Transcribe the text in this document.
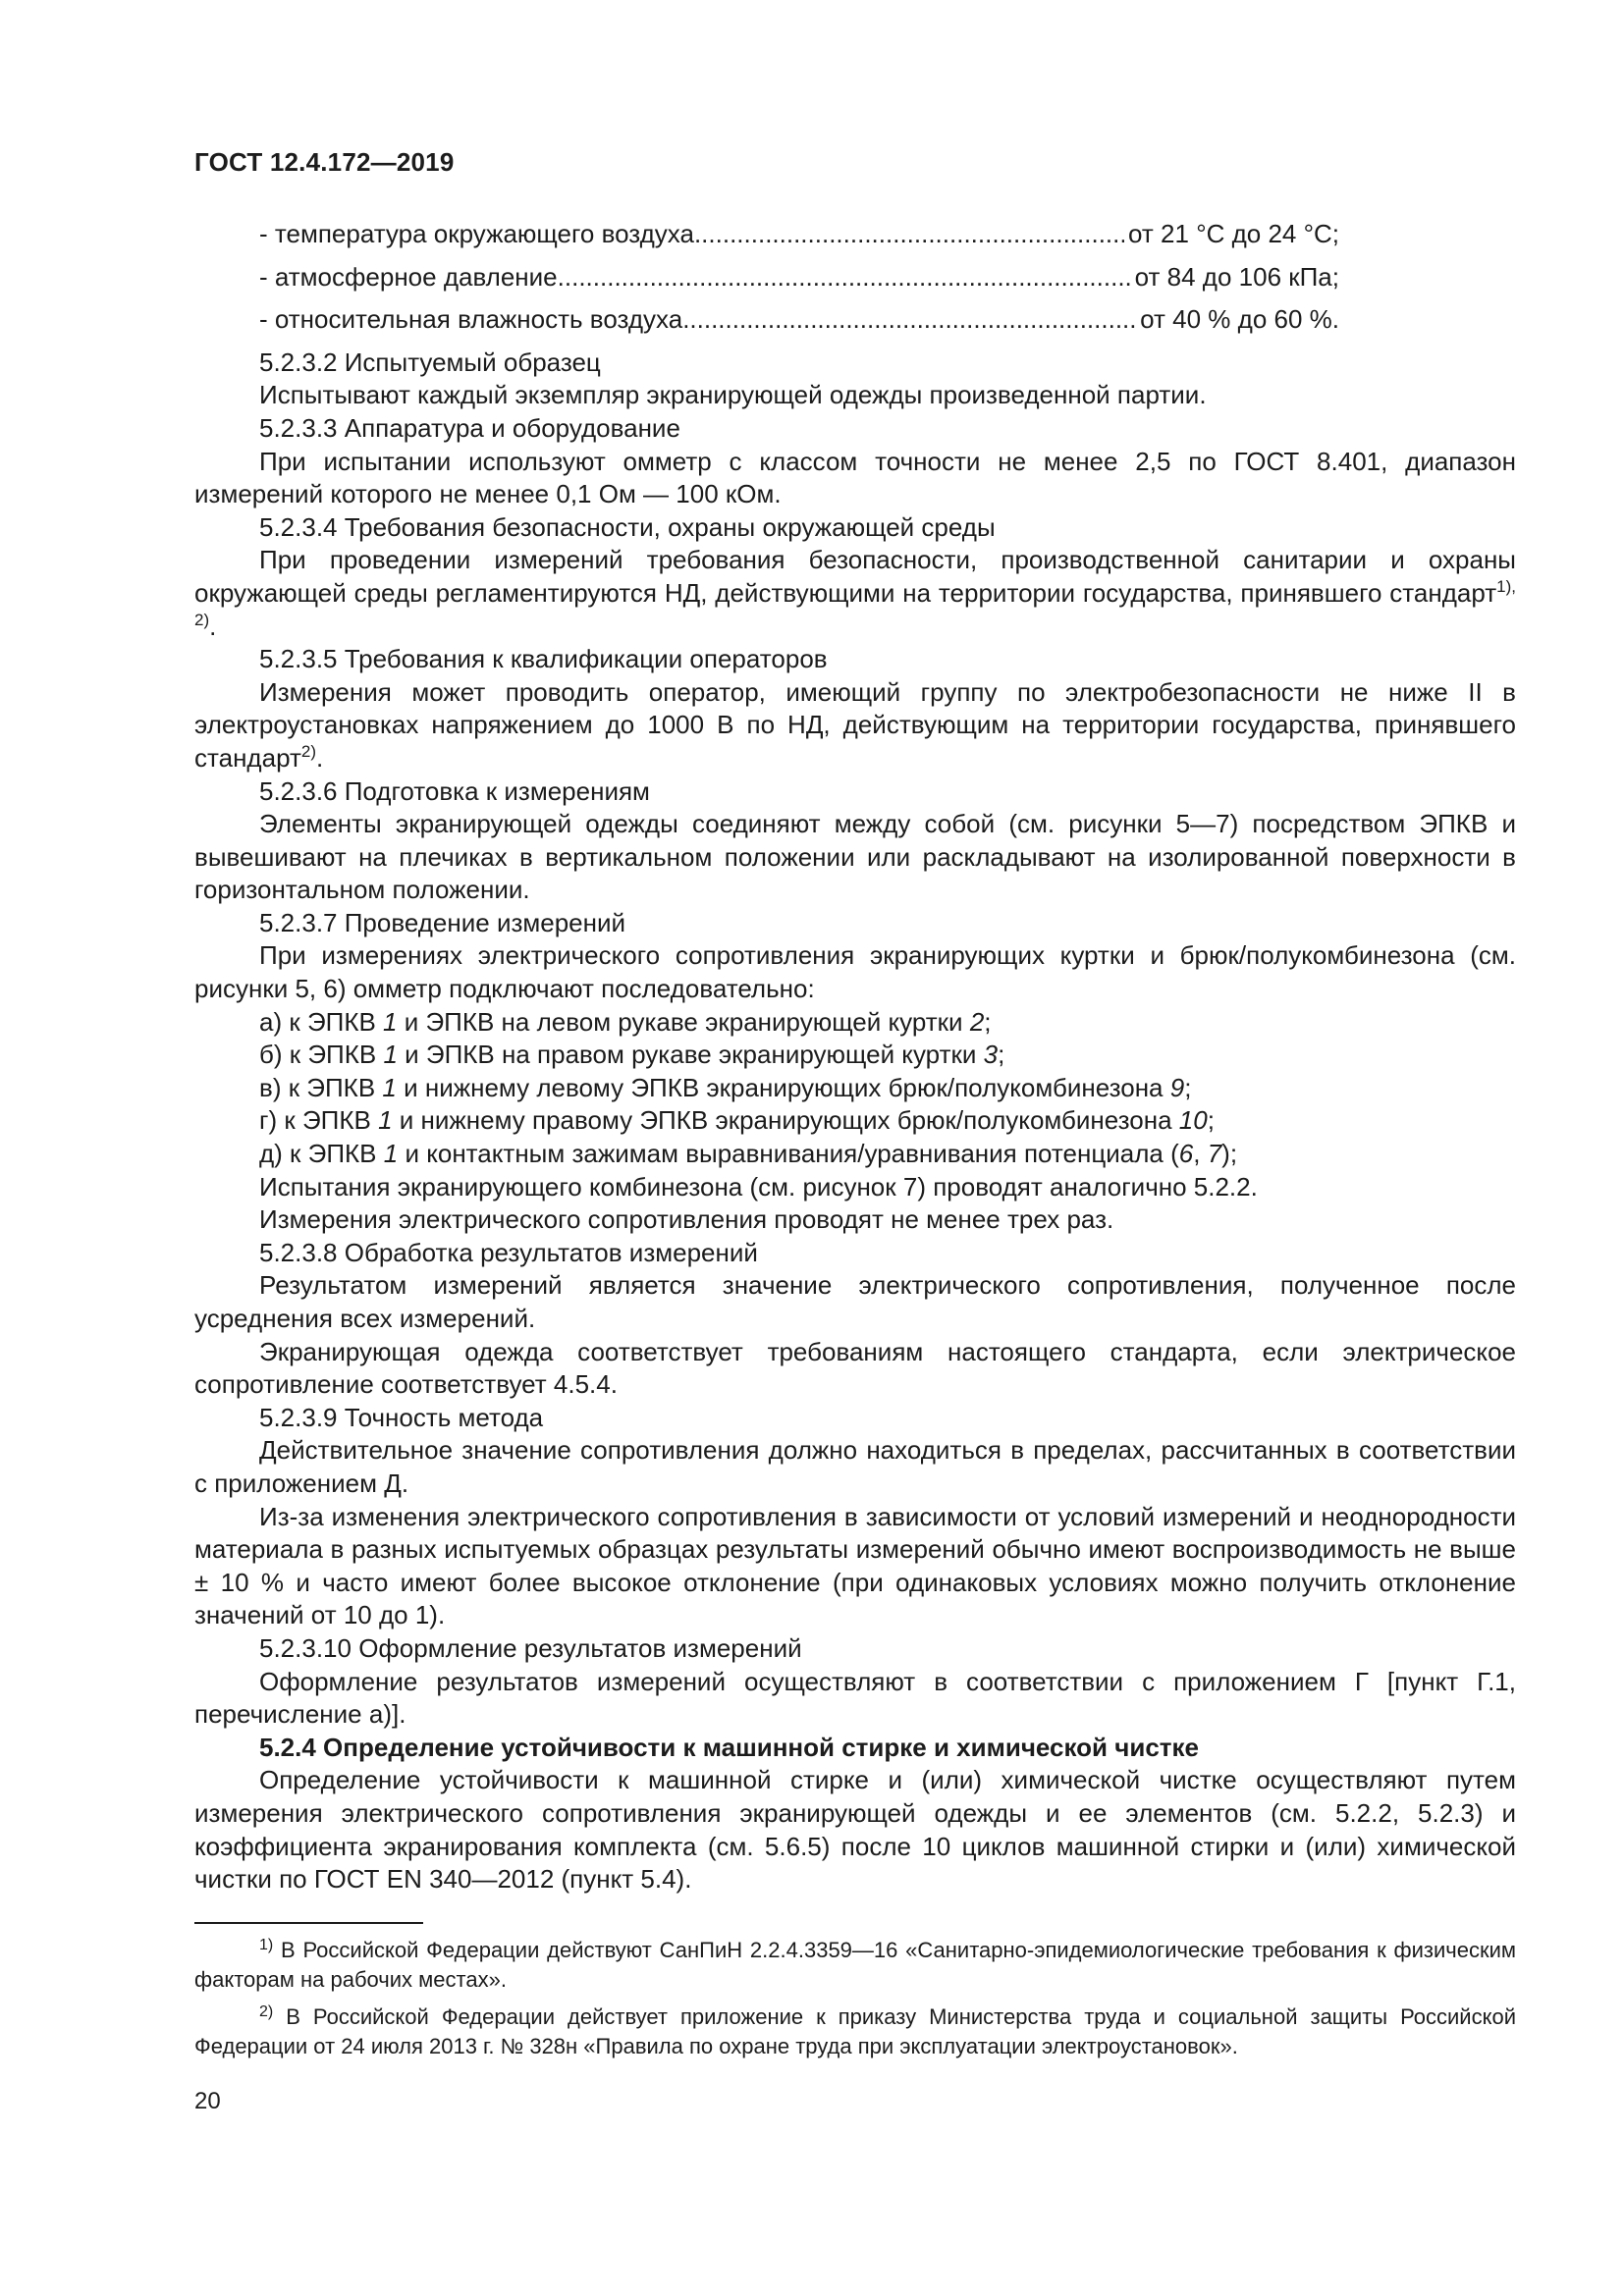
ГОСТ 12.4.172—2019
- температура окружающего воздуха .....	от 21 °С до 24 °С;
- атмосферное давление .....	от 84 до 106 кПа;
- относительная влажность воздуха .....	от 40 % до 60 %.

5.2.3.2 Испытуемый образец

Испытывают каждый экземпляр экранирующей одежды произведенной партии.

5.2.3.3 Аппаратура и оборудование

При испытании используют омметр с классом точности не менее 2,5 по ГОСТ 8.401, диапазон измерений которого не менее 0,1 Ом — 100 кОм.

5.2.3.4 Требования безопасности, охраны окружающей среды

При проведении измерений требования безопасности, производственной санитарии и охраны окружающей среды регламентируются НД, действующими на территории государства, принявшего стандарт$^{1), 2)}$.

5.2.3.5 Требования к квалификации операторов

Измерения может проводить оператор, имеющий группу по электробезопасности не ниже II в электроустановках напряжением до 1000 В по НД, действующим на территории государства, принявшего стандарт$^{2)}$.

5.2.3.6 Подготовка к измерениям

Элементы экранирующей одежды соединяют между собой (см. рисунки 5—7) посредством ЭПКВ и вывешивают на плечиках в вертикальном положении или раскладывают на изолированной поверхности в горизонтальном положении.

5.2.3.7 Проведение измерений

При измерениях электрического сопротивления экранирующих куртки и брюк/полукомбинезона (см. рисунки 5, 6) омметр подключают последовательно:

а) к ЭПКВ 1 и ЭПКВ на левом рукаве экранирующей куртки 2;

б) к ЭПКВ 1 и ЭПКВ на правом рукаве экранирующей куртки 3;

в) к ЭПКВ 1 и нижнему левому ЭПКВ экранирующих брюк/полукомбинезона 9;

г) к ЭПКВ 1 и нижнему правому ЭПКВ экранирующих брюк/полукомбинезона 10;

д) к ЭПКВ 1 и контактным зажимам выравнивания/уравнивания потенциала (6, 7);

Испытания экранирующего комбинезона (см. рисунок 7) проводят аналогично 5.2.2.

Измерения электрического сопротивления проводят не менее трех раз.

5.2.3.8 Обработка результатов измерений

Результатом измерений является значение электрического сопротивления, полученное после усреднения всех измерений.

Экранирующая одежда соответствует требованиям настоящего стандарта, если электрическое сопротивление соответствует 4.5.4.

5.2.3.9 Точность метода

Действительное значение сопротивления должно находиться в пределах, рассчитанных в соответствии с приложением Д.

Из-за изменения электрического сопротивления в зависимости от условий измерений и неоднородности материала в разных испытуемых образцах результаты измерений обычно имеют воспроизводимость не выше ± 10 % и часто имеют более высокое отклонение (при одинаковых условиях можно получить отклонение значений от 10 до 1).

5.2.3.10 Оформление результатов измерений

Оформление результатов измерений осуществляют в соответствии с приложением Г [пункт Г.1, перечисление а)].

5.2.4 Определение устойчивости к машинной стирке и химической чистке

Определение устойчивости к машинной стирке и (или) химической чистке осуществляют путем измерения электрического сопротивления экранирующей одежды и ее элементов (см. 5.2.2, 5.2.3) и коэффициента экранирования комплекта (см. 5.6.5) после 10 циклов машинной стирки и (или) химической чистки по ГОСТ EN 340—2012 (пункт 5.4).

$^{1)}$ В Российской Федерации действуют СанПиН 2.2.4.3359—16 «Санитарно-эпидемиологические требования к физическим факторам на рабочих местах».

$^{2)}$ В Российской Федерации действует приложение к приказу Министерства труда и социальной защиты Российской Федерации от 24 июля 2013 г. № 328н «Правила по охране труда при эксплуатации электроустановок».

20
